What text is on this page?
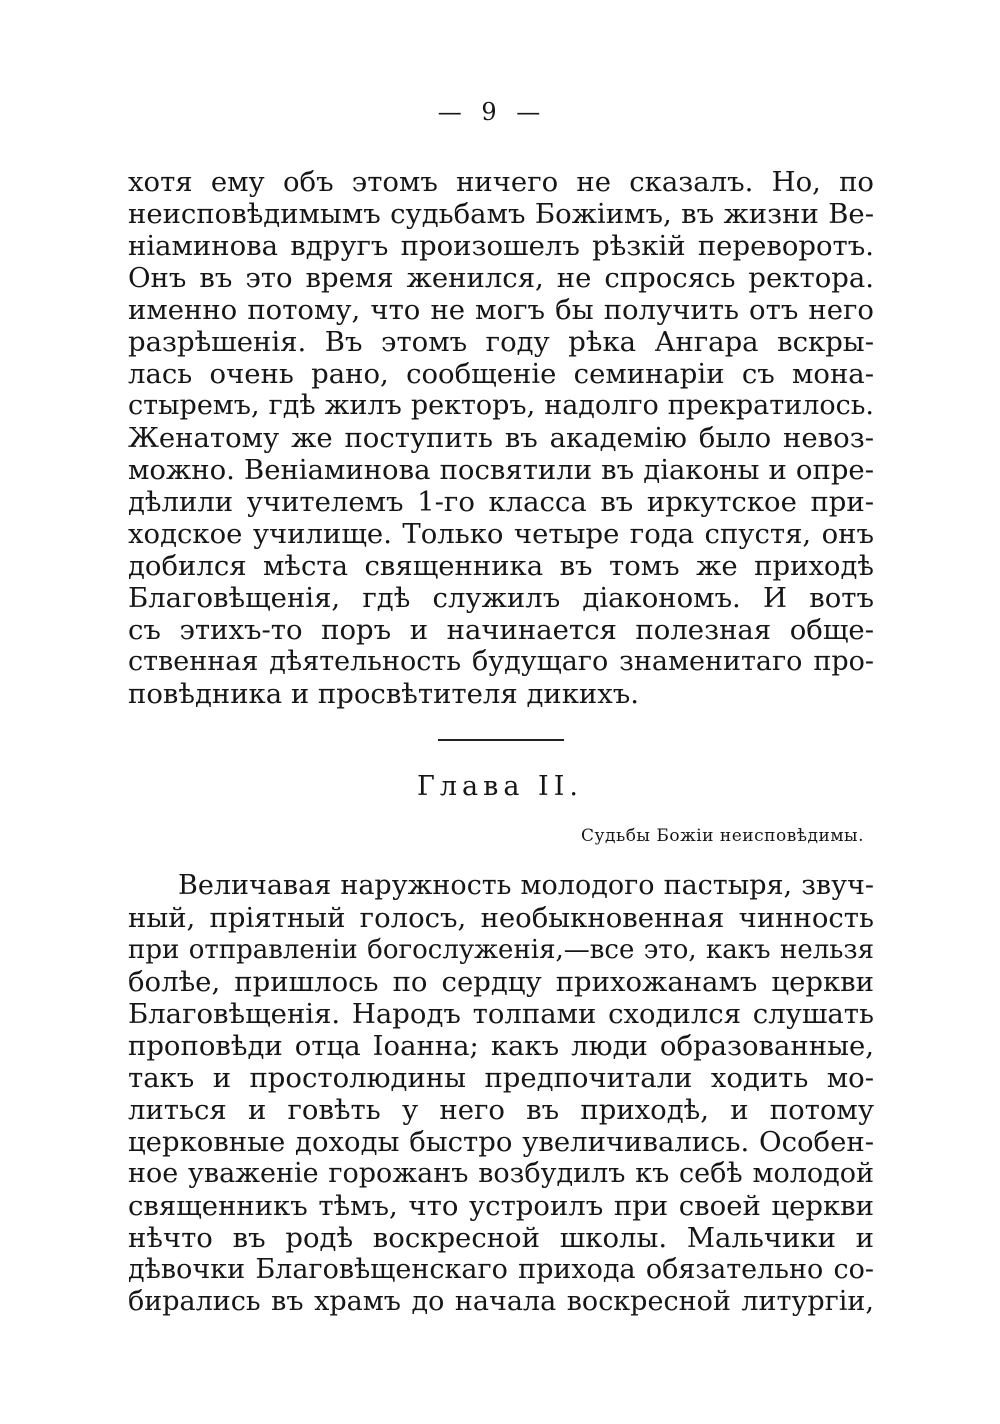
— 9 —
хотя ему объ этомъ ничего не сказалъ. Но, по
неисповѣдимымъ судьбамъ Божіимъ, въ жизни Ве-
ніаминова вдругъ произошелъ рѣзкій переворотъ.
Онъ въ это время женился, не спросясь ректора.
именно потому, что не могъ бы получить отъ него
разрѣшенія. Въ этомъ году рѣка Ангара вскры-
лась очень рано, сообщеніе семинаріи съ мона-
стыремъ, гдѣ жилъ ректоръ, надолго прекратилось.
Женатому же поступить въ академію было невоз-
можно. Веніаминова посвятили въ діаконы и опре-
дѣлили учителемъ 1-го класса въ иркутское при-
ходское училище. Только четыре года спустя, онъ
добился мѣста священника въ томъ же приходѣ
Благовѣщенія, гдѣ служилъ діакономъ. И вотъ
съ этихъ-то поръ и начинается полезная обще-
ственная дѣятельность будущаго знаменитаго про-
повѣдника и просвѣтителя дикихъ.
Глава II.
Судьбы Божіи неисповѣдимы.
Величавая наружность молодого пастыря, звуч-
ный, пріятный голосъ, необыкновенная чинность
при отправленіи богослуженія,—все это, какъ нельзя
болѣе, пришлось по сердцу прихожанамъ церкви
Благовѣщенія. Народъ толпами сходился слушать
проповѣди отца Іоанна; какъ люди образованные,
такъ и простолюдины предпочитали ходить мо-
литься и говѣть у него въ приходѣ, и потому
церковные доходы быстро увеличивались. Особен-
ное уваженіе горожанъ возбудилъ къ себѣ молодой
священникъ тѣмъ, что устроилъ при своей церкви
нѣчто въ родѣ воскресной школы. Мальчики и
дѣвочки Благовѣщенскаго прихода обязательно со-
бирались въ храмъ до начала воскресной литургіи,
